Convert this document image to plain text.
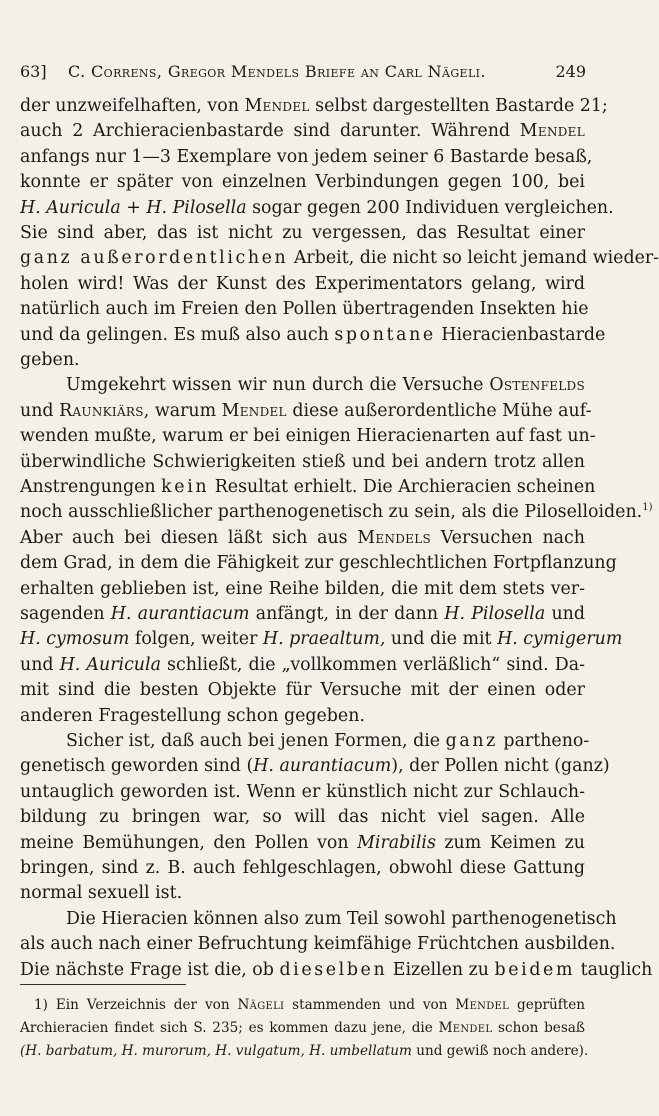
63] C. Correns, Gregor Mendels Briefe an Carl Nägeli.	249
der unzweifelhaften, von Mendel selbst dargestellten Bastarde 21;
auch 2 Archieracienbastarde sind darunter. Während Mendel
anfangs nur 1—3 Exemplare von jedem seiner 6 Bastarde besaß,
konnte er später von einzelnen Verbindungen gegen 100, bei
H. Auricula + H. Pilosella sogar gegen 200 Individuen vergleichen.
Sie sind aber, das ist nicht zu vergessen, das Resultat einer
ganz außerordentlichen Arbeit, die nicht so leicht jemand wieder-
holen wird! Was der Kunst des Experimentators gelang, wird
natürlich auch im Freien den Pollen übertragenden Insekten hie
und da gelingen. Es muß also auch spontane Hieracienbastarde
geben.
Umgekehrt wissen wir nun durch die Versuche Ostenfelds
und Raunkiärs, warum Mendel diese außerordentliche Mühe auf-
wenden mußte, warum er bei einigen Hieracienarten auf fast un-
überwindliche Schwierigkeiten stieß und bei andern trotz allen
Anstrengungen kein Resultat erhielt. Die Archieracien scheinen
noch ausschließlicher parthenogenetisch zu sein, als die Piloselloiden.$^{1)}$
Aber auch bei diesen läßt sich aus Mendels Versuchen nach
dem Grad, in dem die Fähigkeit zur geschlechtlichen Fortpflanzung
erhalten geblieben ist, eine Reihe bilden, die mit dem stets ver-
sagenden H. aurantiacum anfängt, in der dann H. Pilosella und
H. cymosum folgen, weiter H. praealtum, und die mit H. cymigerum
und H. Auricula schließt, die „vollkommen verläßlich“ sind. Da-
mit sind die besten Objekte für Versuche mit der einen oder
anderen Fragestellung schon gegeben.
Sicher ist, daß auch bei jenen Formen, die ganz partheno-
genetisch geworden sind (H. aurantiacum), der Pollen nicht (ganz)
untauglich geworden ist. Wenn er künstlich nicht zur Schlauch-
bildung zu bringen war, so will das nicht viel sagen. Alle
meine Bemühungen, den Pollen von Mirabilis zum Keimen zu
bringen, sind z. B. auch fehlgeschlagen, obwohl diese Gattung
normal sexuell ist.
Die Hieracien können also zum Teil sowohl parthenogenetisch
als auch nach einer Befruchtung keimfähige Früchtchen ausbilden.
Die nächste Frage ist die, ob dieselben Eizellen zu beidem tauglich
1) Ein Verzeichnis der von Nägeli stammenden und von Mendel geprüften
Archieracien findet sich S. 235; es kommen dazu jene, die Mendel schon besaß
(H. barbatum, H. murorum, H. vulgatum, H. umbellatum und gewiß noch andere).
